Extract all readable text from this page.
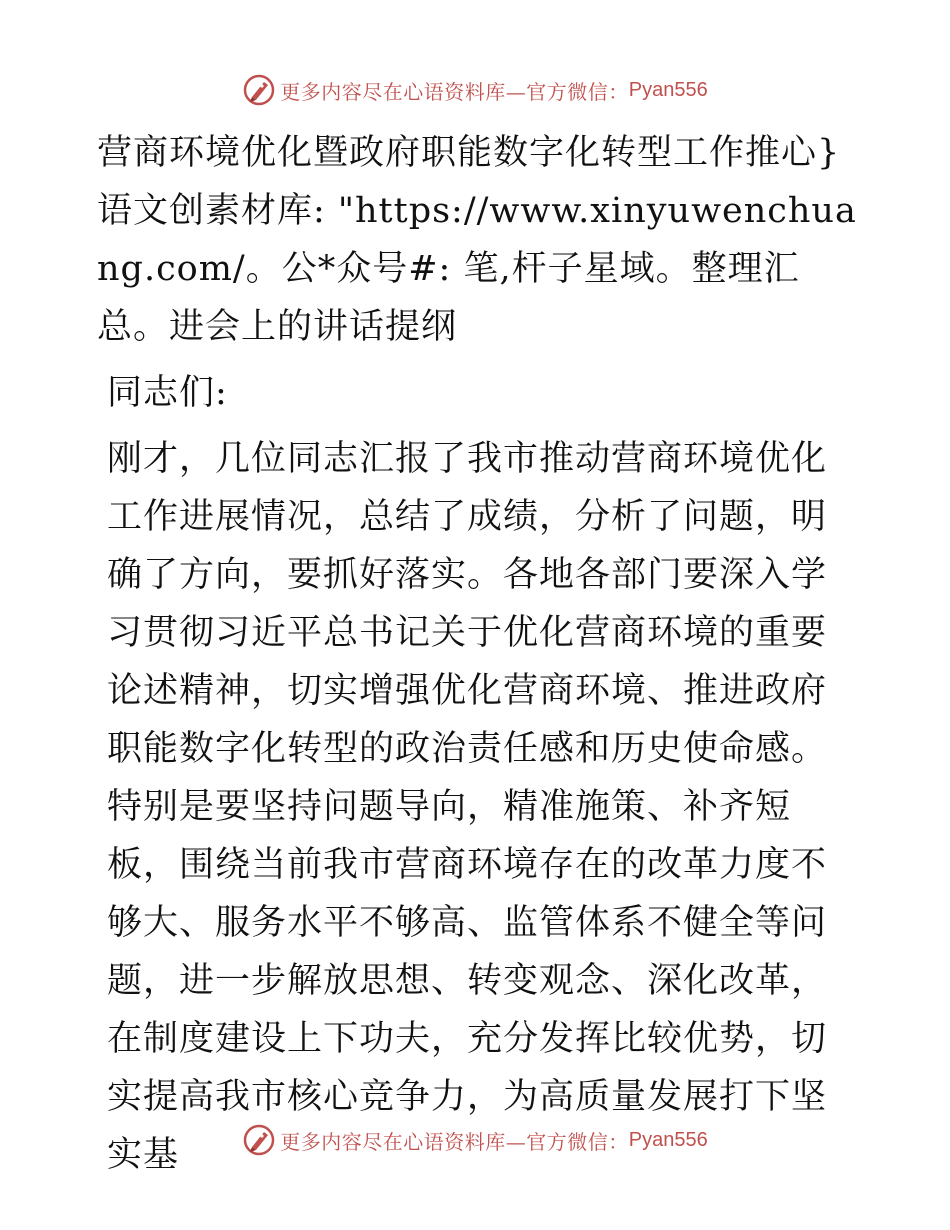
更多内容尽在心语资料库—官方微信： Pyan556

营商环境优化暨政府职能数字化转型工作推心}语文创素材库: "https://www.xinyuwenchuang.com/。公*众号#: 笔,杆子星域。整理汇总。进会上的讲话提纲

同志们:

刚才，几位同志汇报了我市推动营商环境优化工作进展情况，总结了成绩，分析了问题，明确了方向，要抓好落实。各地各部门要深入学习贯彻习近平总书记关于优化营商环境的重要论述精神，切实增强优化营商环境、推进政府职能数字化转型的政治责任感和历史使命感。特别是要坚持问题导向，精准施策、补齐短板，围绕当前我市营商环境存在的改革力度不够大、服务水平不够高、监管体系不健全等问题，进一步解放思想、转变观念、深化改革，在制度建设上下功夫，充分发挥比较优势，切实提高我市核心竞争力，为高质量发展打下坚实基	更多内容尽在心语资料库—官方微信： Pyan556
